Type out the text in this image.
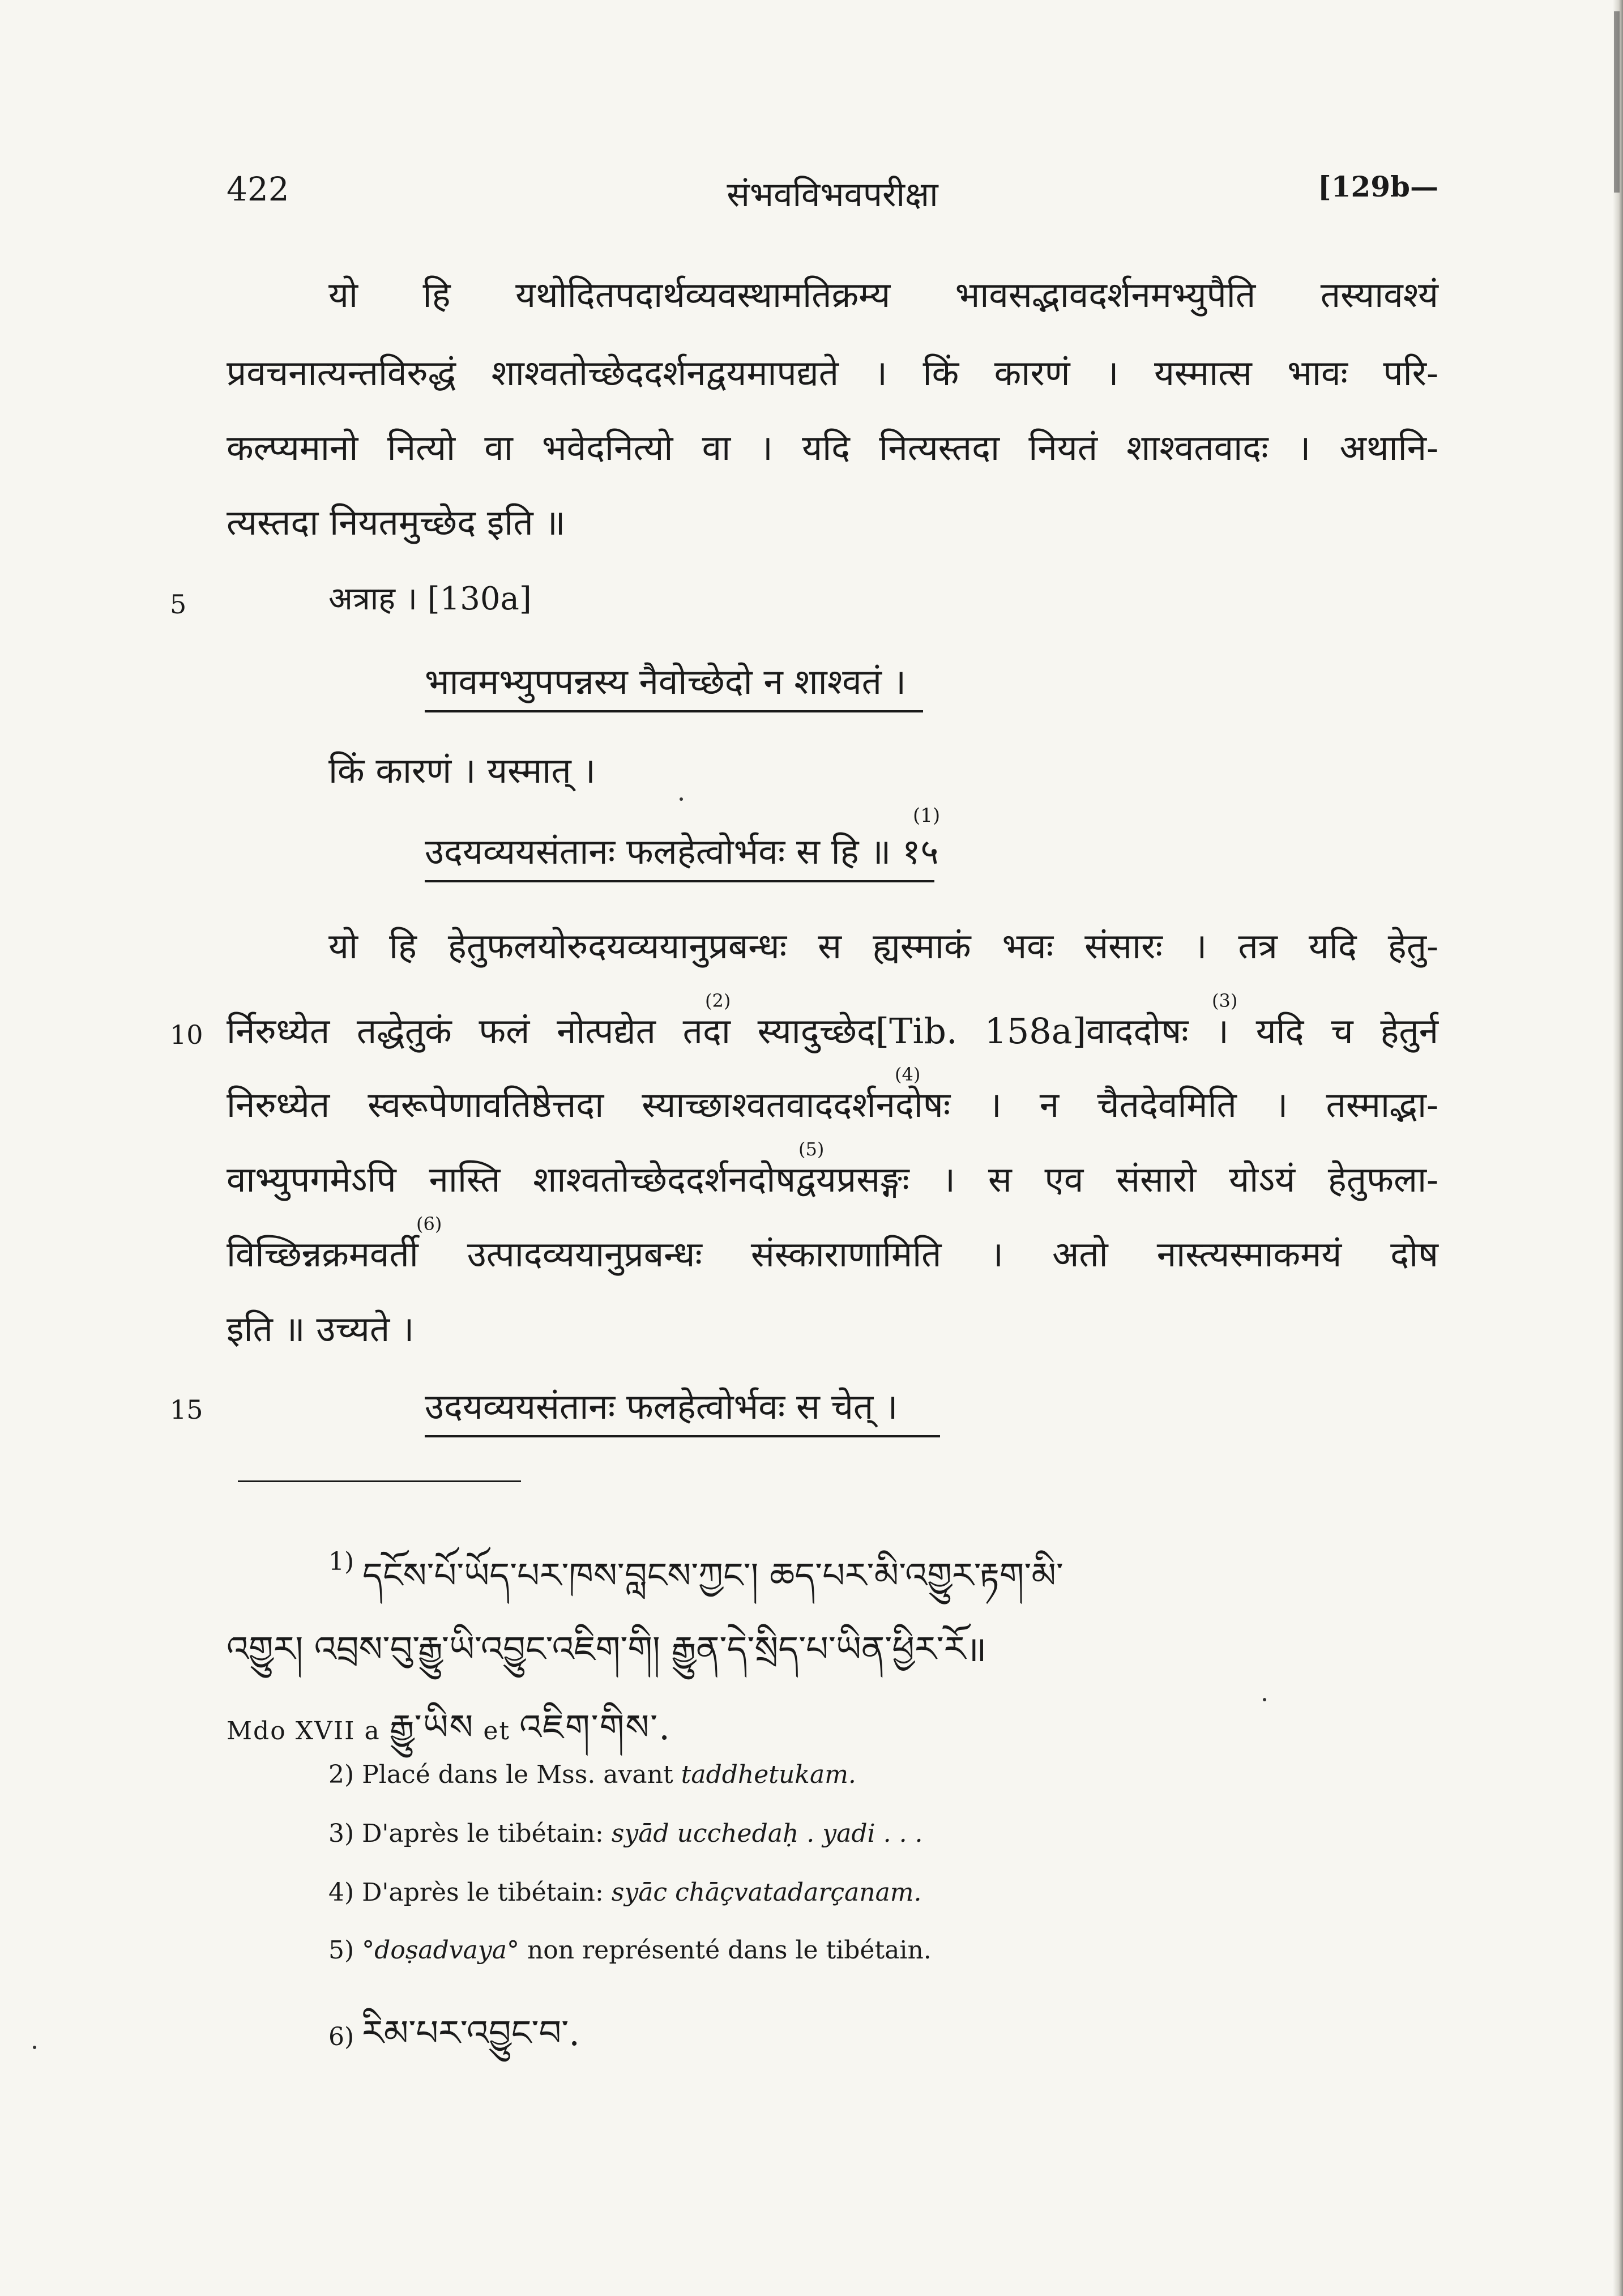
422	संभवविभवपरीक्षा	[129b—
यो हि यथोदितपदार्थव्यवस्थामतिक्रम्य भावसद्भावदर्शनमभ्युपैति तस्यावश्यं
प्रवचनात्यन्तविरुद्धं शाश्वतोच्छेददर्शनद्वयमापद्यते । किं कारणं । यस्मात्स भावः परि-
कल्प्यमानो नित्यो वा भवेदनित्यो वा । यदि नित्यस्तदा नियतं शाश्वतवादः । अथानि-
त्यस्तदा नियतमुच्छेद इति ॥
5	अत्राह । [130a]
भावमभ्युपपन्नस्य नैवोच्छेदो न शाश्वतं ।
किं कारणं । यस्मात् ।
उदयव्ययसंतानः फलहेत्वोर्भवः स हि ॥ १५
(1)
यो हि हेतुफलयोरुदयव्ययानुप्रबन्धः स ह्यस्माकं भवः संसारः । तत्र यदि हेतु-
10 र्निरुध्येत तद्धेतुकं फलं नोत्पद्येत तदा स्यादुच्छेद[Tib. 158a]वाददोषः । यदि च हेतुर्न
(2)	(3)
निरुध्येत स्वरूपेणावतिष्ठेत्तदा स्याच्छाश्वतवाददर्शनदोषः । न चैतदेवमिति । तस्माद्भा-
(4)
वाभ्युपगमेऽपि नास्ति शाश्वतोच्छेददर्शनदोषद्वयप्रसङ्गः । स एव संसारो योऽयं हेतुफला-
(5)
विच्छिन्नक्रमवर्ती उत्पादव्ययानुप्रबन्धः संस्काराणामिति । अतो नास्त्यस्माकमयं दोष
(6)
इति ॥ उच्यते ।
15	उदयव्ययसंतानः फलहेत्वोर्भवः स चेत् ।
1) དངོས་པོ་ཡོད་པར་ཁས་བླངས་ཀྱང་། ཆད་པར་མི་འགྱུར་རྟག་མི་
འགྱུར། འབྲས་བུ་རྒྱུ་ཡི་འབྱུང་འཇིག་གི། རྒྱུན་དེ་སྲིད་པ་ཡིན་ཕྱིར་རོ॥
Mdo XVII a རྒྱུ་ཡིས et འཇིག་གིས་.
2) Placé dans le Mss. avant taddhetukam.
3) D'après le tibétain: syād ucchedaḥ . yadi . . .
4) D'après le tibétain: syāc chāçvatadarçanam.
5) °doṣadvaya° non représenté dans le tibétain.
6) རིམ་པར་འབྱུང་བ་.
